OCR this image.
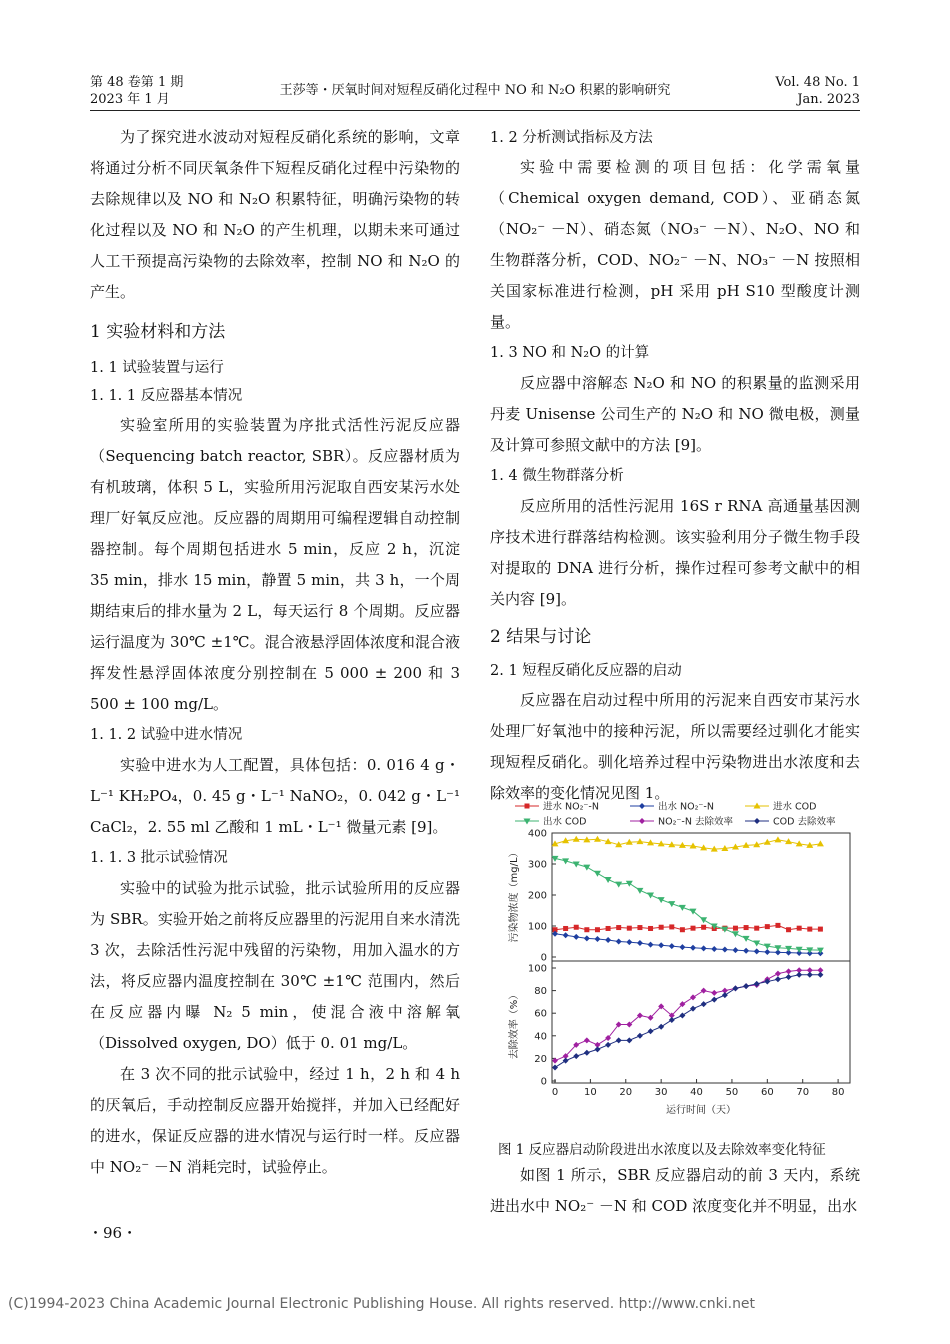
第 48 卷第 1 期
2023 年 1 月
王莎等・厌氧时间对短程反硝化过程中 NO 和 N₂O 积累的影响研究
Vol. 48 No. 1
Jan. 2023

为了探究进水波动对短程反硝化系统的影响，文章将通过分析不同厌氧条件下短程反硝化过程中污染物的去除规律以及 NO 和 N₂O 积累特征，明确污染物的转化过程以及 NO 和 N₂O 的产生机理，以期未来可通过人工干预提高污染物的去除效率，控制 NO 和 N₂O 的产生。

1 实验材料和方法

1. 1 试验装置与运行

1. 1. 1 反应器基本情况

实验室所用的实验装置为序批式活性污泥反应器（Sequencing batch reactor, SBR）。反应器材质为有机玻璃，体积 5 L，实验所用污泥取自西安某污水处理厂好氧反应池。反应器的周期用可编程逻辑自动控制器控制。每个周期包括进水 5 min，反应 2 h，沉淀 35 min，排水 15 min，静置 5 min，共 3 h，一个周期结束后的排水量为 2 L，每天运行 8 个周期。反应器运行温度为 30℃ ±1℃。混合液悬浮固体浓度和混合液挥发性悬浮固体浓度分别控制在 5 000 ± 200 和 3 500 ± 100 mg/L。

1. 1. 2 试验中进水情况

实验中进水为人工配置，具体包括：0. 016 4 g・L⁻¹ KH₂PO₄，0. 45 g・L⁻¹ NaNO₂，0. 042 g・L⁻¹ CaCl₂，2. 55 ml 乙酸和 1 mL・L⁻¹ 微量元素 [9]。

1. 1. 3 批示试验情况

实验中的试验为批示试验，批示试验所用的反应器为 SBR。实验开始之前将反应器里的污泥用自来水清洗 3 次，去除活性污泥中残留的污染物，用加入温水的方法，将反应器内温度控制在 30℃ ±1℃ 范围内，然后在反应器内曝 N₂ 5 min，使混合液中溶解氧（Dissolved oxygen, DO）低于 0. 01 mg/L。

在 3 次不同的批示试验中，经过 1 h，2 h 和 4 h 的厌氧后，手动控制反应器开始搅拌，并加入已经配好的进水，保证反应器的进水情况与运行时一样。反应器中 NO₂⁻ －N 消耗完时，试验停止。

・96・

1. 2 分析测试指标及方法

实验中需要检测的项目包括：化学需氧量（Chemical oxygen demand, COD）、亚硝态氮（NO₂⁻ －N）、硝态氮（NO₃⁻ －N）、N₂O、NO 和生物群落分析，COD、NO₂⁻ －N、NO₃⁻ －N 按照相关国家标准进行检测，pH 采用 pH S10 型酸度计测量。

1. 3 NO 和 N₂O 的计算

反应器中溶解态 N₂O 和 NO 的积累量的监测采用丹麦 Unisense 公司生产的 N₂O 和 NO 微电极，测量及计算可参照文献中的方法 [9]。

1. 4 微生物群落分析

反应所用的活性污泥用 16S r RNA 高通量基因测序技术进行群落结构检测。该实验利用分子微生物手段对提取的 DNA 进行分析，操作过程可参考文献中的相关内容 [9]。

2 结果与讨论

2. 1 短程反硝化反应器的启动

反应器在启动过程中所用的污泥来自西安市某污水处理厂好氧池中的接种污泥，所以需要经过驯化才能实现短程反硝化。驯化培养过程中污染物进出水浓度和去除效率的变化情况见图 1。

进水 NO₂⁻-N	出水 NO₂⁻-N	进水 COD
出水 COD	NO₂⁻-N 去除效率	COD 去除效率
0
100
200
300
400
污染物浓度（mg/L）
0
20
40
60
80
100
去除效率（%）
0	10 20 30 40 50 60 70 80
运行时间（天）
图 1 反应器启动阶段进出水浓度以及去除效率变化特征

如图 1 所示，SBR 反应器启动的前 3 天内，系统进出水中 NO₂⁻ －N 和 COD 浓度变化并不明显，出水

(C)1994-2023 China Academic Journal Electronic Publishing House. All rights reserved. http://www.cnki.net
